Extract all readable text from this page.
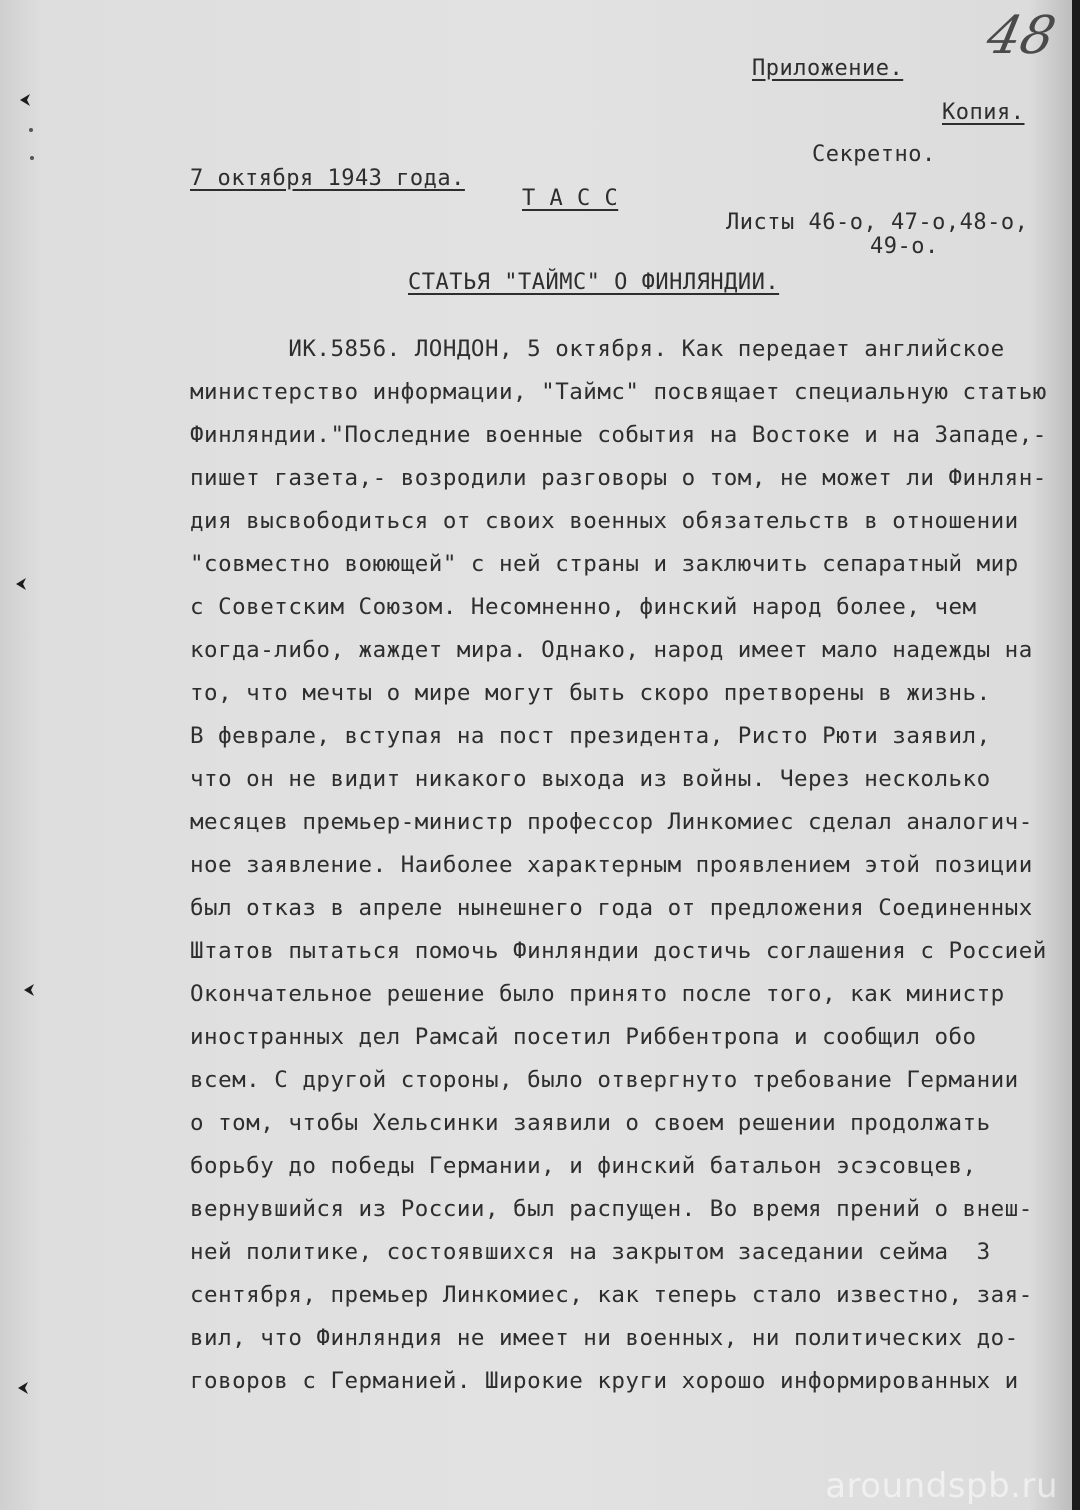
48
Приложение.
Копия.
Секретно.
7 октября 1943 года.
Т А С С
Листы 46-о, 47-о,48-о,
49-о.
СТАТЬЯ "ТАЙМС" О ФИНЛЯНДИИ.
ИК.5856. ЛОНДОН, 5 октября. Как передает английское
министерство информации, "Таймс" посвящает специальную статью
Финляндии."Последние военные события на Востоке и на Западе,-
пишет газета,- возродили разговоры о том, не может ли Финлян-
дия высвободиться от своих военных обязательств в отношении
"совместно воюющей" с ней страны и заключить сепаратный мир
с Советским Союзом. Несомненно, финский народ более, чем
когда-либо, жаждет мира. Однако, народ имеет мало надежды на
то, что мечты о мире могут быть скоро претворены в жизнь.
В феврале, вступая на пост президента, Ристо Рюти заявил,
что он не видит никакого выхода из войны. Через несколько
месяцев премьер-министр профессор Линкомиес сделал аналогич-
ное заявление. Наиболее характерным проявлением этой позиции
был отказ в апреле нынешнего года от предложения Соединенных
Штатов пытаться помочь Финляндии достичь соглашения с Россией
Окончательное решение было принято после того, как министр
иностранных дел Рамсай посетил Риббентропа и сообщил обо
всем. С другой стороны, было отвергнуто требование Германии
о том, чтобы Хельсинки заявили о своем решении продолжать
борьбу до победы Германии, и финский батальон эсэсовцев,
вернувшийся из России, был распущен. Во время прений о внеш-
ней политике, состоявшихся на закрытом заседании сейма  3
сентября, премьер Линкомиес, как теперь стало известно, зая-
вил, что Финляндия не имеет ни военных, ни политических до-
говоров с Германией. Широкие круги хорошо информированных и
aroundspb.ru
